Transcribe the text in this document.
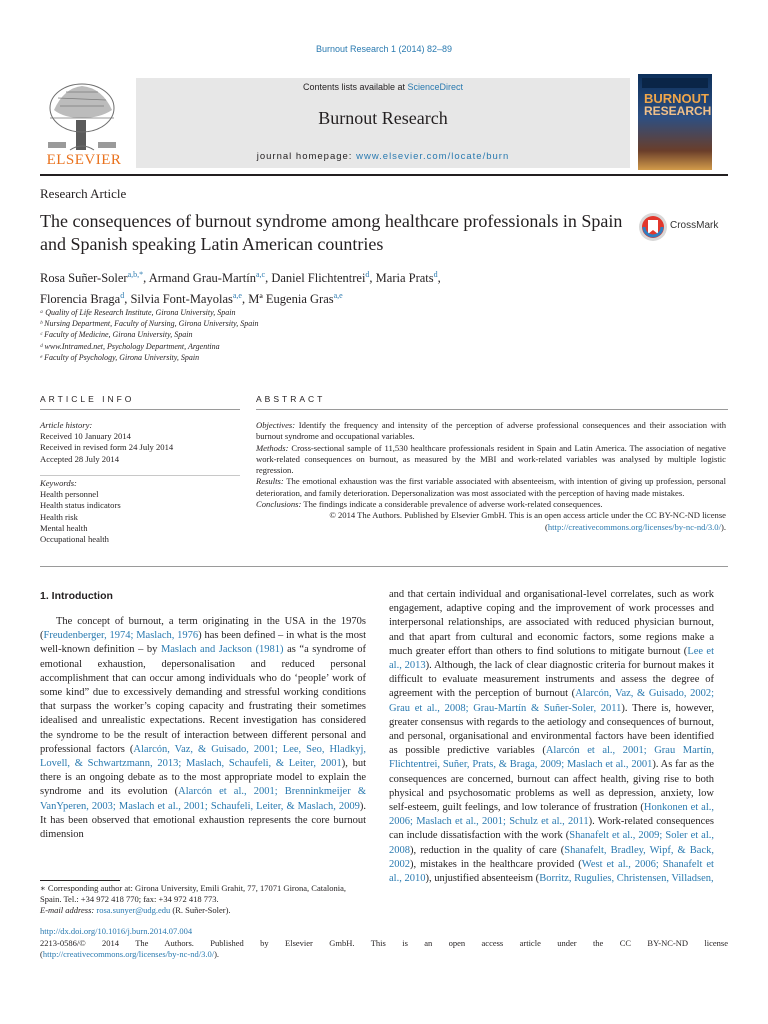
Burnout Research 1 (2014) 82–89
ELSEVIER
Contents lists available at ScienceDirect
Burnout Research
journal homepage: www.elsevier.com/locate/burn
BURNOUT
RESEARCH
Research Article
The consequences of burnout syndrome among healthcare professionals in Spain and Spanish speaking Latin American countries
CrossMark
Rosa Suñer-Soler$^{a,b,*}$, Armand Grau-Martín$^{a,c}$, Daniel Flichtentrei$^d$, Maria Prats$^d$,
Florencia Braga$^d$, Silvia Font-Mayolas$^{a,e}$, Mª Eugenia Gras$^{a,e}$
ᵃ Quality of Life Research Institute, Girona University, Spain
ᵇ Nursing Department, Faculty of Nursing, Girona University, Spain
ᶜ Faculty of Medicine, Girona University, Spain
ᵈ www.Intramed.net, Psychology Department, Argentina
ᵉ Faculty of Psychology, Girona University, Spain
ARTICLE INFO	ABSTRACT
Article history:
Received 10 January 2014
Received in revised form 24 July 2014
Accepted 28 July 2014
Keywords:
Health personnel
Health status indicators
Health risk
Mental health
Occupational health
Objectives: Identify the frequency and intensity of the perception of adverse professional consequences and their association with burnout syndrome and occupational variables.
Methods: Cross-sectional sample of 11,530 healthcare professionals resident in Spain and Latin America. The association of negative work-related consequences on burnout, as measured by the MBI and work-related variables was analysed by multiple logistic regression.
Results: The emotional exhaustion was the first variable associated with absenteeism, with intention of giving up profession, personal deterioration, and family deterioration. Depersonalization was most associated with the perception of having made mistakes.
Conclusions: The findings indicate a considerable prevalence of adverse work-related consequences.
© 2014 The Authors. Published by Elsevier GmbH. This is an open access article under the CC BY-NC-ND license (http://creativecommons.org/licenses/by-nc-nd/3.0/).
1. Introduction
The concept of burnout, a term originating in the USA in the 1970s (Freudenberger, 1974; Maslach, 1976) has been defined – in what is the most well-known definition – by Maslach and Jackson (1981) as “a syndrome of emotional exhaustion, depersonalisation and reduced personal accomplishment that can occur among individuals who do ‘people’ work of some kind” due to excessively demanding and stressful working conditions that surpass the worker’s coping capacity and frustrating their sometimes idealised and unrealistic expectations. Recent investigation has considered the syndrome to be the result of interaction between different personal and professional factors (Alarcón, Vaz, & Guisado, 2001; Lee, Seo, Hladkyj, Lovell, & Schwartzmann, 2013; Maslach, Schaufeli, & Leiter, 2001), but there is an ongoing debate as to the most appropriate model to explain the syndrome and its evolution (Alarcón et al., 2001; Brenninkmeijer & VanYperen, 2003; Maslach et al., 2001; Schaufeli, Leiter, & Maslach, 2009). It has been observed that emotional exhaustion represents the core burnout dimension
and that certain individual and organisational-level correlates, such as work engagement, adaptive coping and the improvement of work processes and interpersonal relationships, are associated with reduced physician burnout, and that apart from cultural and economic factors, some regions make a much greater effort than others to find solutions to mitigate burnout (Lee et al., 2013). Although, the lack of clear diagnostic criteria for burnout makes it difficult to evaluate measurement instruments and assess the degree of agreement with the perception of burnout (Alarcón, Vaz, & Guisado, 2002; Grau et al., 2008; Grau-Martín & Suñer-Soler, 2011). There is, however, greater consensus with regards to the aetiology and consequences of burnout, and personal, organisational and environmental factors have been identified as possible predictive variables (Alarcón et al., 2001; Grau Martín, Flichtentrei, Suñer, Prats, & Braga, 2009; Maslach et al., 2001). As far as the consequences are concerned, burnout can affect health, giving rise to both physical and psychosomatic problems as well as depression, anxiety, low self-esteem, guilt feelings, and low tolerance of frustration (Honkonen et al., 2006; Maslach et al., 2001; Schulz et al., 2011). Work-related consequences can include dissatisfaction with the work (Shanafelt et al., 2009; Soler et al., 2008), reduction in the quality of care (Shanafelt, Bradley, Wipf, & Back, 2002), mistakes in the healthcare provided (West et al., 2006; Shanafelt et al., 2010), unjustified absenteeism (Borritz, Rugulies, Christensen, Villadsen,
∗ Corresponding author at: Girona University, Emili Grahit, 77, 17071 Girona, Catalonia, Spain. Tel.: +34 972 418 770; fax: +34 972 418 773.
E-mail address: rosa.sunyer@udg.edu (R. Suñer-Soler).
http://dx.doi.org/10.1016/j.burn.2014.07.004
2213-0586/© 2014 The Authors. Published by Elsevier GmbH. This is an open access article under the CC BY-NC-ND license
(http://creativecommons.org/licenses/by-nc-nd/3.0/).
